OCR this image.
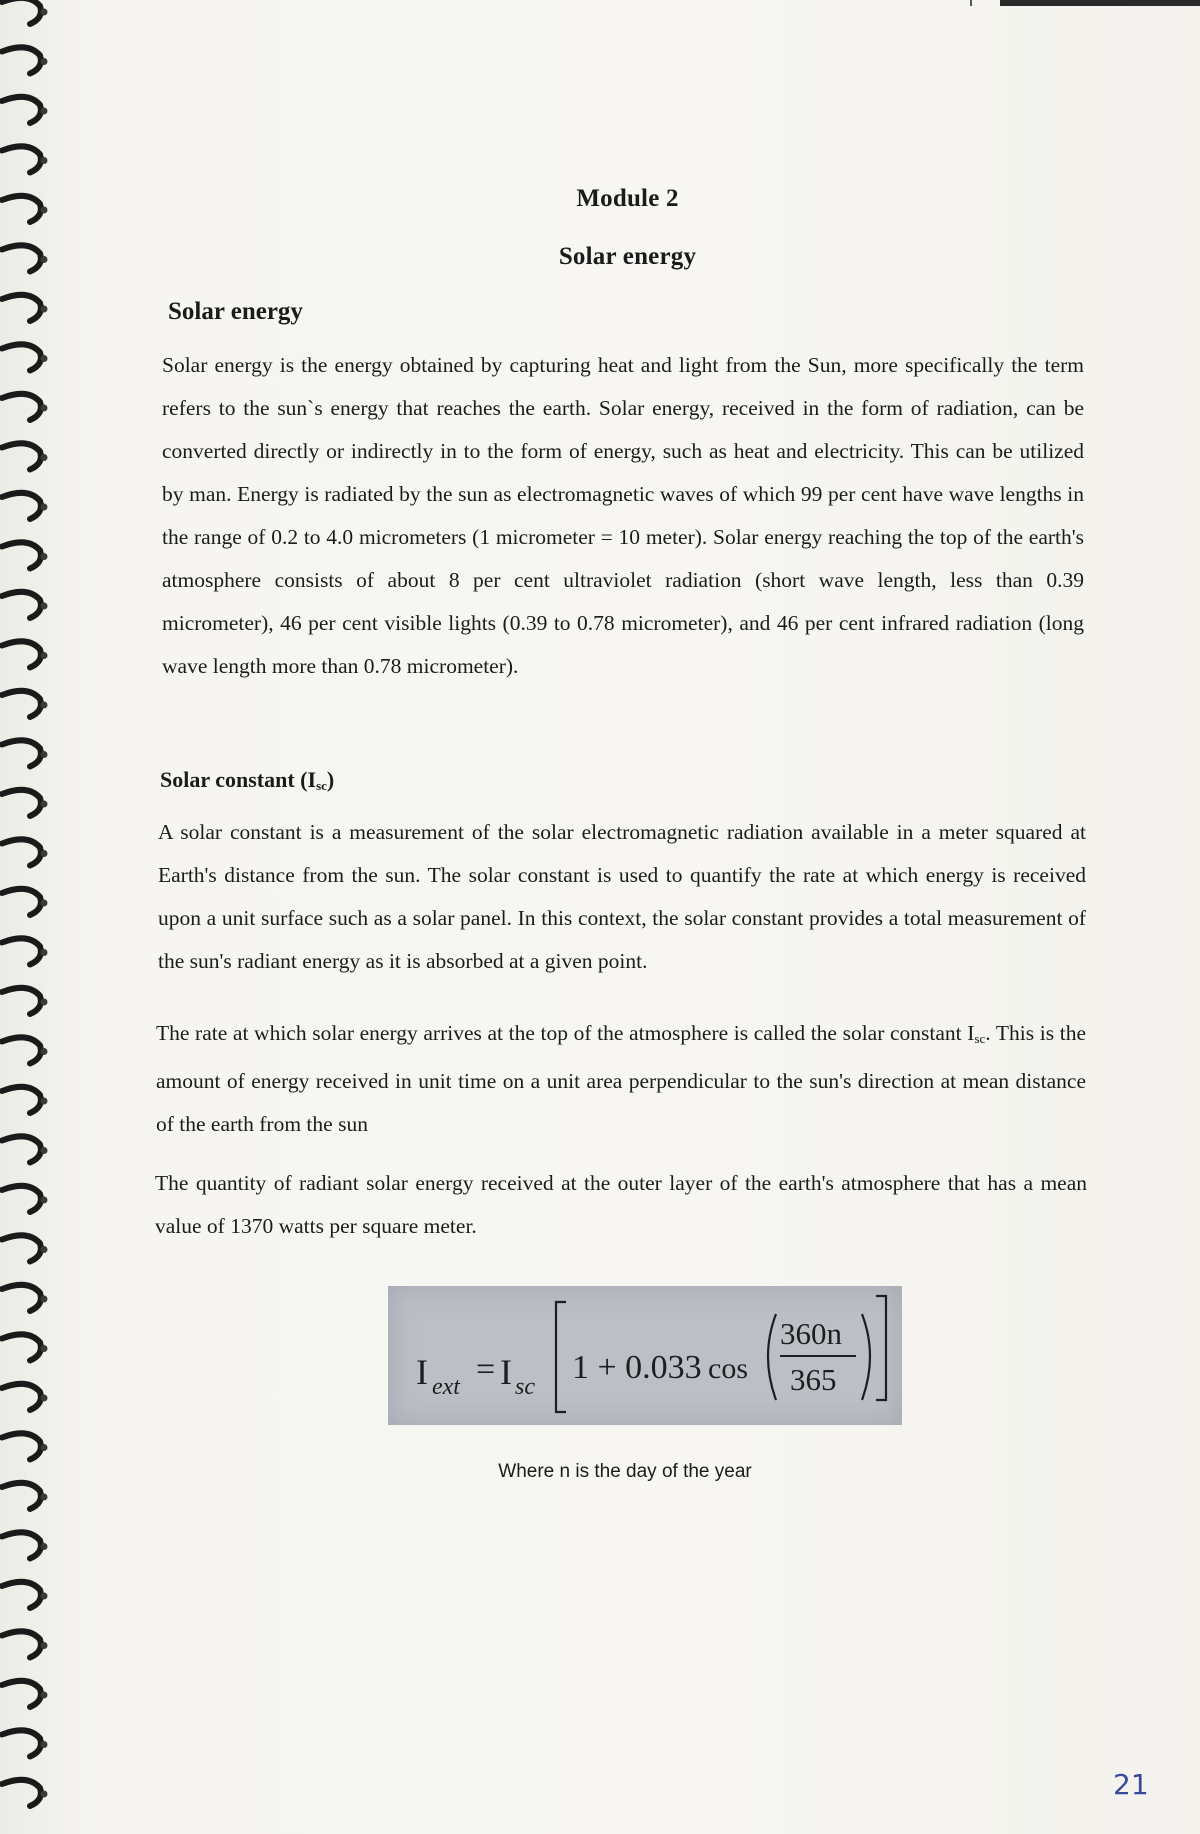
Module 2
Solar energy
Solar energy
Solar energy is the energy obtained by capturing heat and light from the Sun, more specifically the term refers to the sun`s energy that reaches the earth. Solar energy, received in the form of radiation, can be converted directly or indirectly in to the form of energy, such as heat and electricity. This can be utilized by man. Energy is radiated by the sun as electromagnetic waves of which 99 per cent have wave lengths in the range of 0.2 to 4.0 micrometers (1 micrometer = 10 meter). Solar energy reaching the top of the earth's atmosphere consists of about 8 per cent ultraviolet radiation (short wave length, less than 0.39 micrometer), 46 per cent visible lights (0.39 to 0.78 micrometer), and 46 per cent infrared radiation (long wave length more than 0.78 micrometer).
Solar constant $(I_{sc})$
A solar constant is a measurement of the solar electromagnetic radiation available in a meter squared at Earth's distance from the sun. The solar constant is used to quantify the rate at which energy is received upon a unit surface such as a solar panel. In this context, the solar constant provides a total measurement of the sun's radiant energy as it is absorbed at a given point.
The rate at which solar energy arrives at the top of the atmosphere is called the solar constant $I_{sc}$. This is the amount of energy received in unit time on a unit area perpendicular to the sun's direction at mean distance of the earth from the sun
The quantity of radiant solar energy received at the outer layer of the earth's atmosphere that has a mean value of 1370 watts per square meter.
I ext = I sc
1 + 0.033 cos
360n
365
Where n is the day of the year
21
